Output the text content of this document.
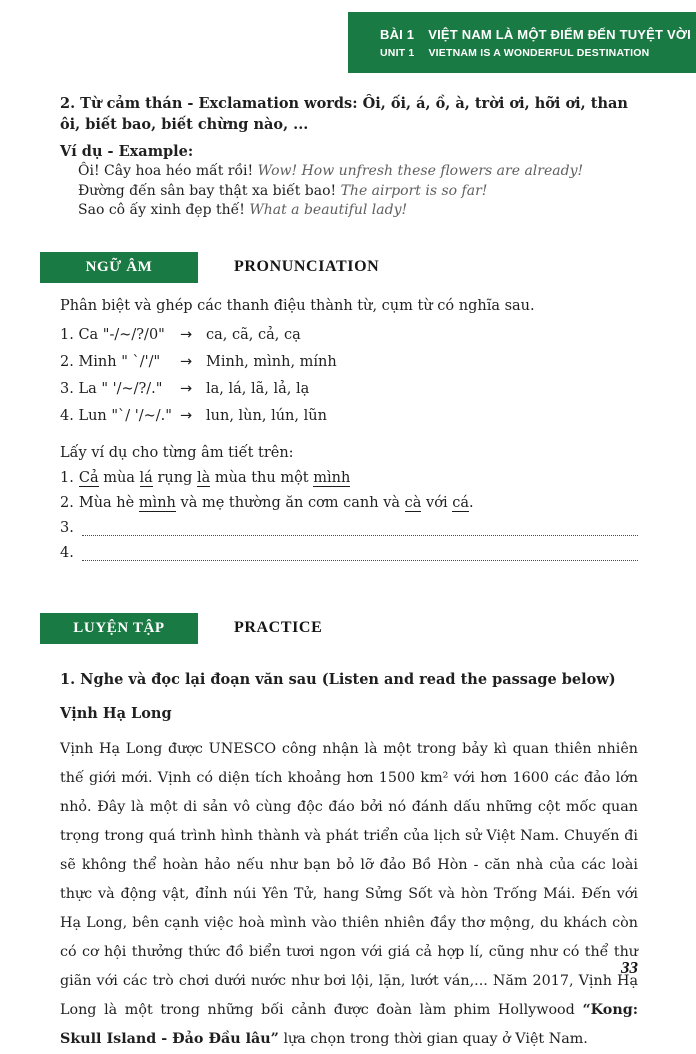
BÀI 1 VIỆT NAM LÀ MỘT ĐIỂM ĐẾN TUYỆT VỜI
UNIT 1 VIETNAM IS A WONDERFUL DESTINATION
2. Từ cảm thán - Exclamation words: Ôi, ối, á, ồ, à, trời ơi, hỡi ơi, than ôi, biết bao, biết chừng nào, ...
Ví dụ - Example:
Ôi! Cây hoa héo mất rồi! Wow! How unfresh these flowers are already!
Đường đến sân bay thật xa biết bao! The airport is so far!
Sao cô ấy xinh đẹp thế! What a beautiful lady!
NGỮ ÂM	PRONUNCIATION
Phân biệt và ghép các thanh điệu thành từ, cụm từ có nghĩa sau.
1. Ca "-/~/?/0"	→ ca, cã, cả, cạ
2. Minh " `/'/"	→ Minh, mình, mính
3. La " '/~/?/."	→ la, lá, lã, lả, lạ
4. Lun "`/ '/~/." → lun, lùn, lún, lũn
Lấy ví dụ cho từng âm tiết trên:
1. Cả mùa lá rụng là mùa thu một mình
2. Mùa hè mình và mẹ thường ăn cơm canh và cà với cá.
3.
4.
LUYỆN TẬP	PRACTICE
1. Nghe và đọc lại đoạn văn sau (Listen and read the passage below)
Vịnh Hạ Long
Vịnh Hạ Long được UNESCO công nhận là một trong bảy kì quan thiên nhiên thế giới mới. Vịnh có diện tích khoảng hơn 1500 km² với hơn 1600 các đảo lớn nhỏ. Đây là một di sản vô cùng độc đáo bởi nó đánh dấu những cột mốc quan trọng trong quá trình hình thành và phát triển của lịch sử Việt Nam. Chuyến đi sẽ không thể hoàn hảo nếu như bạn bỏ lỡ đảo Bồ Hòn - căn nhà của các loài thực và động vật, đỉnh núi Yên Tử, hang Sửng Sốt và hòn Trống Mái. Đến với Hạ Long, bên cạnh việc hoà mình vào thiên nhiên đầy thơ mộng, du khách còn có cơ hội thưởng thức đồ biển tươi ngon với giá cả hợp lí, cũng như có thể thư giãn với các trò chơi dưới nước như bơi lội, lặn, lướt ván,... Năm 2017, Vịnh Hạ Long là một trong những bối cảnh được đoàn làm phim Hollywood “Kong: Skull Island - Đảo Đầu lâu” lựa chọn trong thời gian quay ở Việt Nam.
33
